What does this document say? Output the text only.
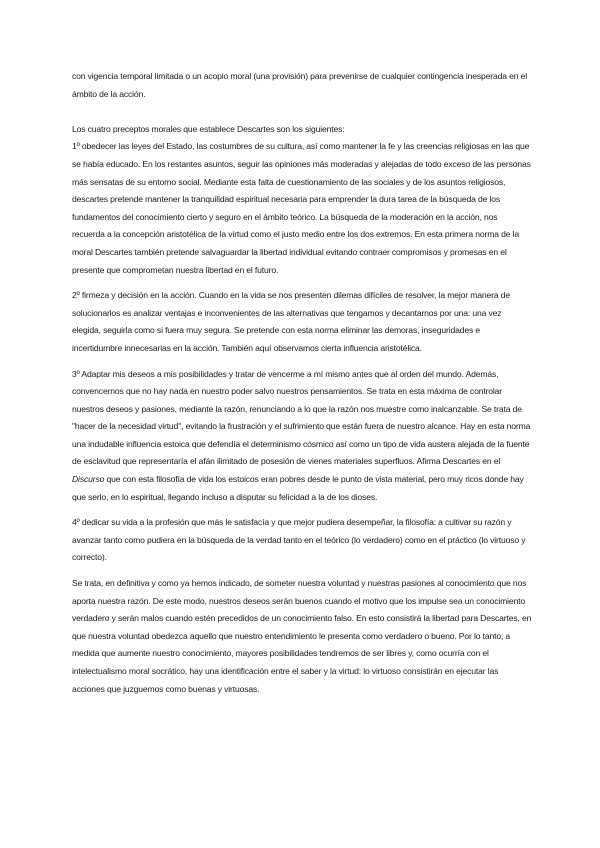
con vigencia temporal limitada o un acopio moral (una provisión) para prevenirse de cualquier contingencia inesperada en el ámbito de la acción.

Los cuatro preceptos morales que establece Descartes son los siguientes:

1º obedecer las leyes del Estado, las costumbres de su cultura, así como mantener la fe y las creencias religiosas en las que se había educado. En los restantes asuntos, seguir las opiniones más moderadas y alejadas de todo exceso de las personas más sensatas de su entorno social. Mediante esta falta de cuestionamiento de las sociales y de los asuntos religiosos, descartes pretende mantener la tranquilidad espiritual necesaria para emprender la dura tarea de la búsqueda de los fundamentos del conocimiento cierto y seguro en el ámbito teórico. La búsqueda de la moderación en la acción, nos recuerda a la concepción aristotélica de la virtud como el justo medio entre los dos extremos. En esta primera norma de la moral Descartes también pretende salvaguardar la libertad individual evitando contraer compromisos y promesas en el presente que comprometan nuestra libertad en el futuro.

2º firmeza y decisión en la acción. Cuando en la vida se nos presenten dilemas difíciles de resolver, la mejor manera de solucionarlos es analizar ventajas e inconvenientes de las alternativas que tengamos y decantarnos por una: una vez elegida, seguirla como si fuera muy segura. Se pretende con esta norma eliminar las demoras, inseguridades e incertidumbre innecesarias en la acción. También aquí observamos cierta influencia aristotélica.

3º Adaptar mis deseos a mis posibilidades y tratar de vencerme a mí mismo antes que al orden del mundo. Además, convencernos que no hay nada en nuestro poder salvo nuestros pensamientos. Se trata en esta máxima de controlar nuestros deseos y pasiones, mediante la razón, renunciando a lo que la razón nos muestre como inalcanzable. Se trata de "hacer de la necesidad virtud", evitando la frustración y el sufrimiento que están fuera de nuestro alcance. Hay en esta norma una indudable influencia estoica que defendía el determinismo cósmico así como un tipo de vida austera alejada de la fuente de esclavitud que representaría el afán ilimitado de posesión de vienes materiales superfluos. Afirma Descartes en el Discurso que con esta filosofía de vida los estoicos eran pobres desde le punto de vista material, pero muy ricos donde hay que serlo, en lo espiritual, llegando incluso a disputar su felicidad a la de los dioses.

4º dedicar su vida a la profesión que más le satisfacía y que mejor pudiera desempeñar, la filosofía: a cultivar su razón y avanzar tanto como pudiera en la búsqueda de la verdad tanto en el teórico (lo verdadero) como en el práctico (lo virtuoso y correcto).

Se trata, en definitiva y como ya hemos indicado, de someter nuestra voluntad y nuestras pasiones al conocimiento que nos aporta nuestra razón. De este modo, nuestros deseos serán buenos cuando el motivo que los impulse sea un conocimiento verdadero y serán malos cuando estén precedidos de un conocimiento falso. En esto consistirá la libertad para Descartes, en que nuestra voluntad obedezca aquello que nuestro entendimiento le presenta como verdadero o bueno. Por lo tanto, a medida que aumente nuestro conocimiento, mayores posibilidades tendremos de ser libres y, como ocurría con el intelectualismo moral socrático, hay una identificación entre el saber y la virtud: lo virtuoso consistirán en ejecutar las acciones que juzguemos como buenas y virtuosas.
